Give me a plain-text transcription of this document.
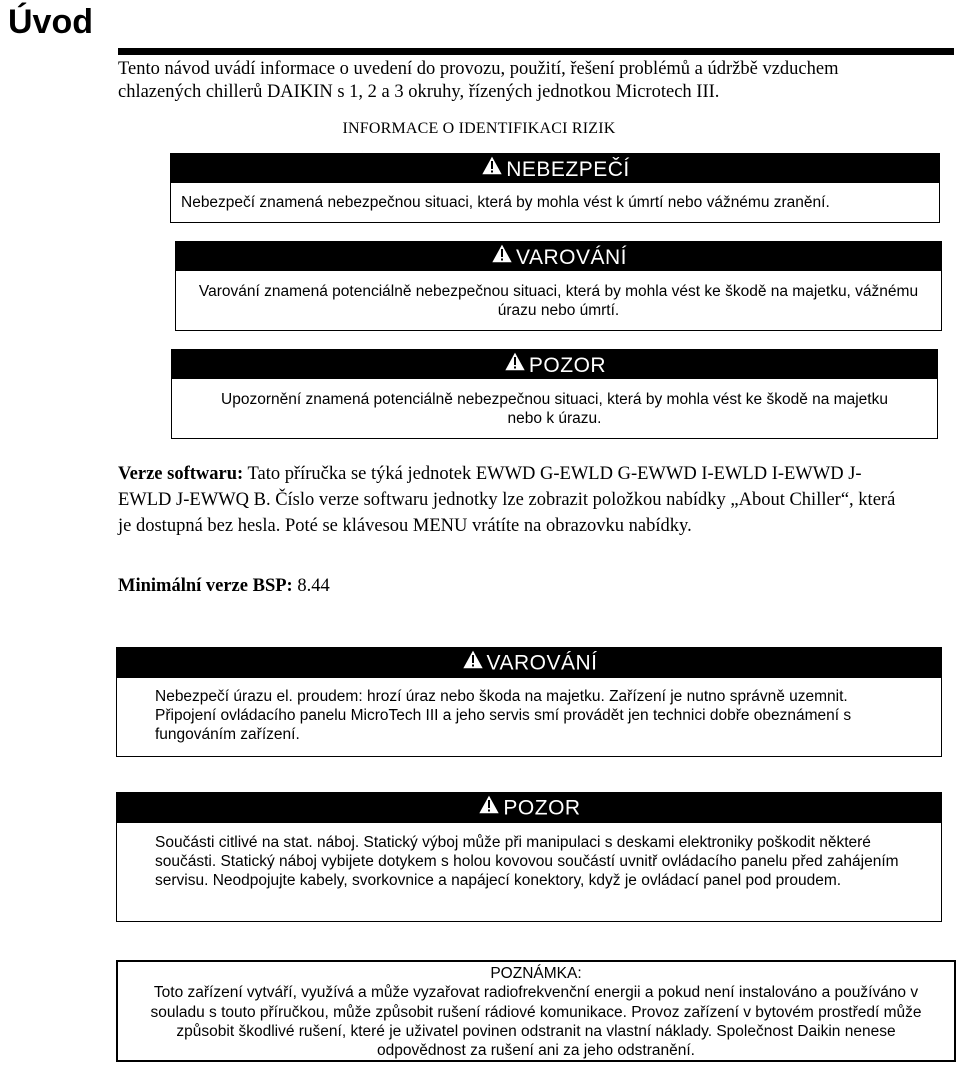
Úvod
Tento návod uvádí informace o uvedení do provozu, použití, řešení problémů a údržbě vzduchem chlazených chillerů DAIKIN s 1, 2 a 3 okruhy, řízených jednotkou Microtech III.
INFORMACE O IDENTIFIKACI RIZIK
NEBEZPEČÍ
Nebezpečí znamená nebezpečnou situaci, která by mohla vést k úmrtí nebo vážnému zranění.
VAROVÁNÍ
Varování znamená potenciálně nebezpečnou situaci, která by mohla vést ke škodě na majetku, vážnému úrazu nebo úmrtí.
POZOR
Upozornění znamená potenciálně nebezpečnou situaci, která by mohla vést ke škodě na majetku nebo k úrazu.
Verze softwaru: Tato příručka se týká jednotek EWWD G-EWLD G-EWWD I-EWLD I-EWWD J-EWLD J-EWWQ B. Číslo verze softwaru jednotky lze zobrazit položkou nabídky „About Chiller“, která je dostupná bez hesla. Poté se klávesou MENU vrátíte na obrazovku nabídky.
Minimální verze BSP: 8.44
VAROVÁNÍ
Nebezpečí úrazu el. proudem: hrozí úraz nebo škoda na majetku. Zařízení je nutno správně uzemnit. Připojení ovládacího panelu MicroTech III a jeho servis smí provádět jen technici dobře obeznámení s fungováním zařízení.
POZOR
Součásti citlivé na stat. náboj. Statický výboj může při manipulaci s deskami elektroniky poškodit některé součásti. Statický náboj vybijete dotykem s holou kovovou součástí uvnitř ovládacího panelu před zahájením servisu. Neodpojujte kabely, svorkovnice a napájecí konektory, když je ovládací panel pod proudem.
POZNÁMKA:
Toto zařízení vytváří, využívá a může vyzařovat radiofrekvenční energii a pokud není instalováno a používáno v souladu s touto příručkou, může způsobit rušení rádiové komunikace. Provoz zařízení v bytovém prostředí může způsobit škodlivé rušení, které je uživatel povinen odstranit na vlastní náklady. Společnost Daikin nenese odpovědnost za rušení ani za jeho odstranění.
